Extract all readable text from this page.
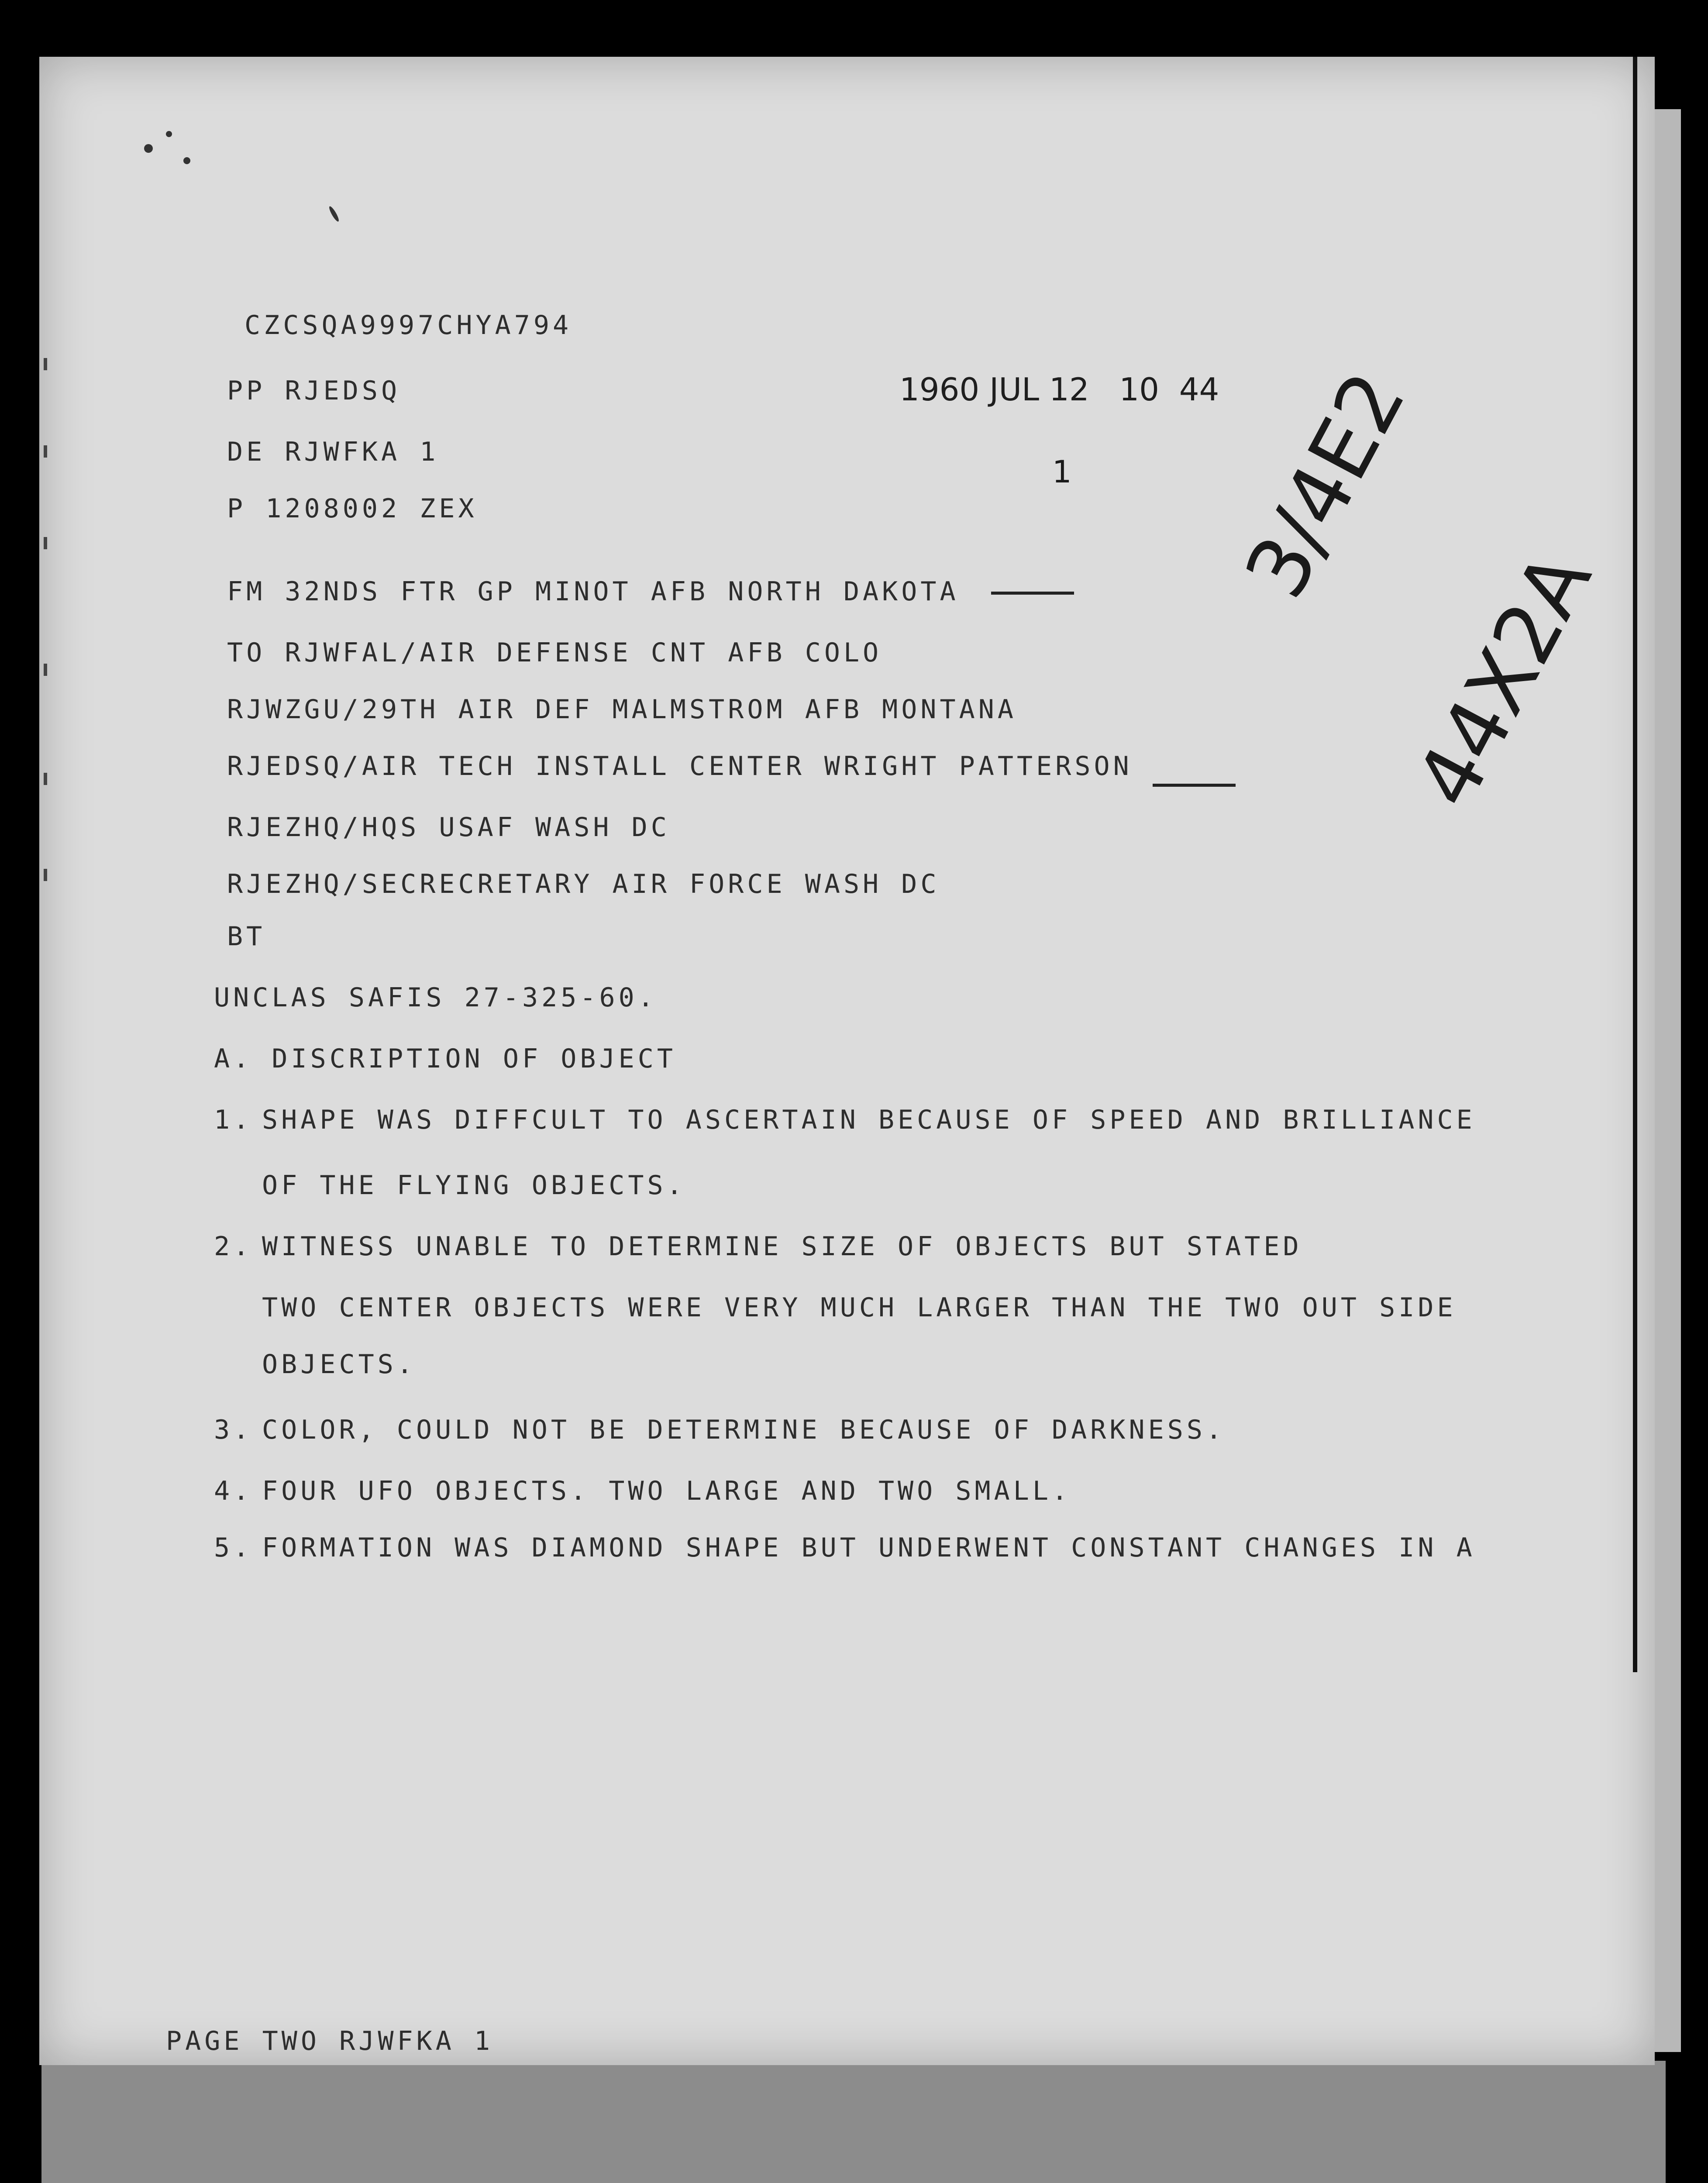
CZCSQA9997CHYA794
PP RJEDSQ	1960 JUL 12   10  44
DE RJWFKA 1
P 1208002 ZEX
FM 32NDS FTR GP MINOT AFB NORTH DAKOTA
TO RJWFAL/AIR DEFENSE CNT AFB COLO
RJWZGU/29TH AIR DEF MALMSTROM AFB MONTANA
RJEDSQ/AIR TECH INSTALL CENTER WRIGHT PATTERSON
RJEZHQ/HQS USAF WASH DC
RJEZHQ/SECRECRETARY AIR FORCE WASH DC
BT
3/4E2
44X2A
1
UNCLAS SAFIS 27-325-60.
A. DISCRIPTION OF OBJECT
1. SHAPE WAS DIFFCULT TO ASCERTAIN BECAUSE OF SPEED AND BRILLIANCE
OF THE FLYING OBJECTS.
2. WITNESS UNABLE TO DETERMINE SIZE OF OBJECTS BUT STATED
TWO CENTER OBJECTS WERE VERY MUCH LARGER THAN THE TWO OUT SIDE
OBJECTS.
3. COLOR, COULD NOT BE DETERMINE BECAUSE OF DARKNESS.
4. FOUR UFO OBJECTS. TWO LARGE AND TWO SMALL.
5. FORMATION WAS DIAMOND SHAPE BUT UNDERWENT CONSTANT CHANGES IN A
PAGE TWO RJWFKA 1
